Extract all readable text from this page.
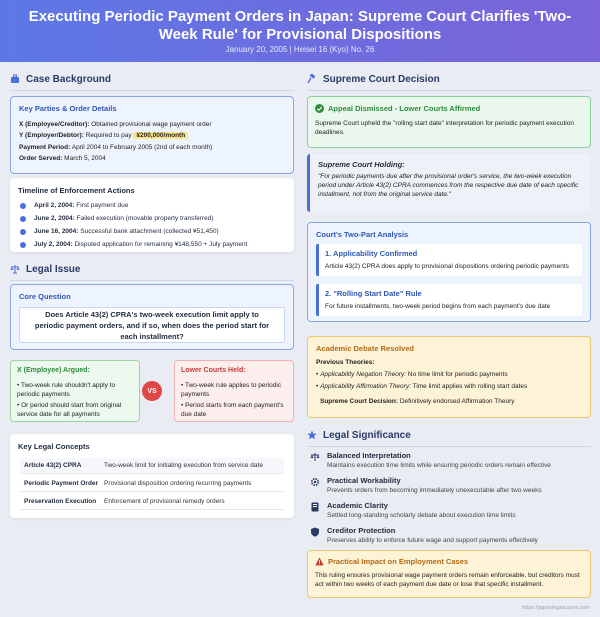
Executing Periodic Payment Orders in Japan: Supreme Court Clarifies 'Two-Week Rule' for Provisional Dispositions
January 20, 2005 | Heisei 16 (Kyo) No. 26
Case Background
Key Parties & Order Details
X (Employee/Creditor): Obtained provisional wage payment order
Y (Employer/Debtor): Required to pay ¥200,000/month
Payment Period: April 2004 to February 2005 (2nd of each month)
Order Served: March 5, 2004
Timeline of Enforcement Actions
April 2, 2004:
First payment due
June 2, 2004:
Failed execution (movable property transferred)
June 16, 2004:
Successful bank attachment (collected ¥51,450)
July 2, 2004:
Disputed application for remaining ¥148,550 + July payment
Legal Issue
Core Question
Does Article 43(2) CPRA's two-week execution limit apply to periodic payment orders, and if so, when does the period start for each installment?
X (Employee) Argued:
• Two-week rule shouldn't apply to periodic payments
• Or period should start from original service date for all payments
VS
Lower Courts Held:
• Two-week rule applies to periodic payments
• Period starts from each payment's due date
Key Legal Concepts
Article 43(2) CPRA	Two-week limit for initiating execution from service date
Periodic Payment Order Provisional disposition ordering recurring payments
Preservation Execution	Enforcement of provisional remedy orders
Supreme Court Decision
Appeal Dismissed - Lower Courts Affirmed
Supreme Court upheld the "rolling start date" interpretation for periodic payment execution deadlines.
Supreme Court Holding:
"For periodic payments due after the provisional order's service, the two-week execution period under Article 43(2) CPRA commences from the respective due date of each specific installment, not from the original service date."
Court's Two-Part Analysis
1. Applicability Confirmed
Article 43(2) CPRA does apply to provisional dispositions ordering periodic payments
2. "Rolling Start Date" Rule
For future installments, two-week period begins from each payment's due date
Academic Debate Resolved
Previous Theories:
• Applicability Negation Theory: No time limit for periodic payments
• Applicability Affirmation Theory: Time limit applies with rolling start dates
Supreme Court Decision: Definitively endorsed Affirmation Theory
Legal Significance
Balanced Interpretation
Maintains execution time limits while ensuring periodic orders remain effective
Practical Workability
Prevents orders from becoming immediately unexecutable after two weeks
Academic Clarity
Settled long-standing scholarly debate about execution time limits
Creditor Protection
Preserves ability to enforce future wage and support payments effectively
Practical Impact on Employment Cases
This ruling ensures provisional wage payment orders remain enforceable, but creditors must act within two weeks of each payment due date or lose that specific installment.
https://japanlegalcases.com
